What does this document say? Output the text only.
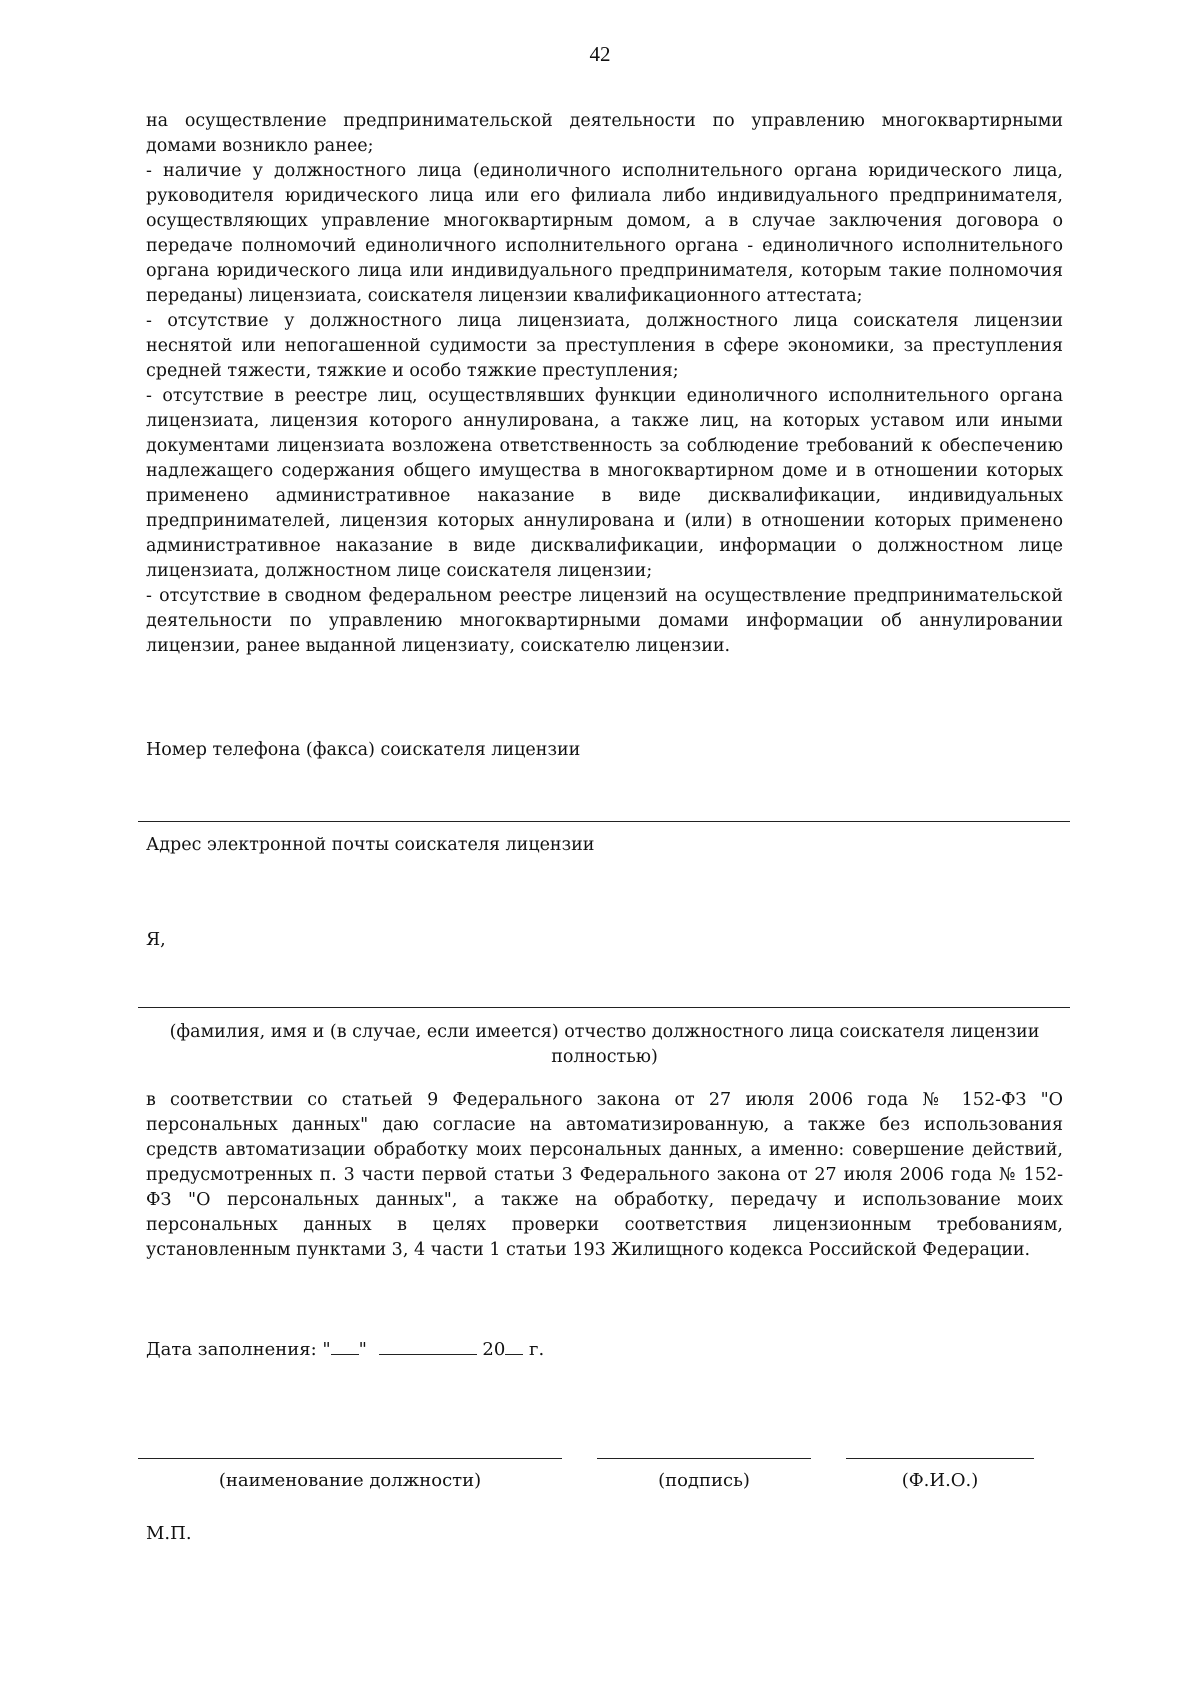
42

на осуществление предпринимательской деятельности по управлению многоквартирными домами возникло ранее;

- наличие у должностного лица (единоличного исполнительного органа юридического лица, руководителя юридического лица или его филиала либо индивидуального предпринимателя, осуществляющих управление многоквартирным домом, а в случае заключения договора о передаче полномочий единоличного исполнительного органа - единоличного исполнительного органа юридического лица или индивидуального предпринимателя, которым такие полномочия переданы) лицензиата, соискателя лицензии квалификационного аттестата;

- отсутствие у должностного лица лицензиата, должностного лица соискателя лицензии неснятой или непогашенной судимости за преступления в сфере экономики, за преступления средней тяжести, тяжкие и особо тяжкие преступления;

- отсутствие в реестре лиц, осуществлявших функции единоличного исполнительного органа лицензиата, лицензия которого аннулирована, а также лиц, на которых уставом или иными документами лицензиата возложена ответственность за соблюдение требований к обеспечению надлежащего содержания общего имущества в многоквартирном доме и в отношении которых применено административное наказание в виде дисквалификации, индивидуальных предпринимателей, лицензия которых аннулирована и (или) в отношении которых применено административное наказание в виде дисквалификации, информации о должностном лице лицензиата, должностном лице соискателя лицензии;

- отсутствие в сводном федеральном реестре лицензий на осуществление предпринимательской деятельности по управлению многоквартирными домами информации об аннулировании лицензии, ранее выданной лицензиату, соискателю лицензии.

Номер телефона (факса) соискателя лицензии
Адрес электронной почты соискателя лицензии
Я,
(фамилия, имя и (в случае, если имеется) отчество должностного лица соискателя лицензии полностью)
в соответствии со статьей 9 Федерального закона от 27 июля 2006 года № 152-ФЗ "О персональных данных" даю согласие на автоматизированную, а также без использования средств автоматизации обработку моих персональных данных, а именно: совершение действий, предусмотренных п. 3 части первой статьи 3 Федерального закона от 27 июля 2006 года № 152-ФЗ "О персональных данных", а также на обработку, передачу и использование моих персональных данных в целях проверки соответствия лицензионным требованиям, установленным пунктами 3, 4 части 1 статьи 193 Жилищного кодекса Российской Федерации.
Дата заполнения: " "	20 г.
(наименование должности)	(подпись)	(Ф.И.О.)
М.П.
